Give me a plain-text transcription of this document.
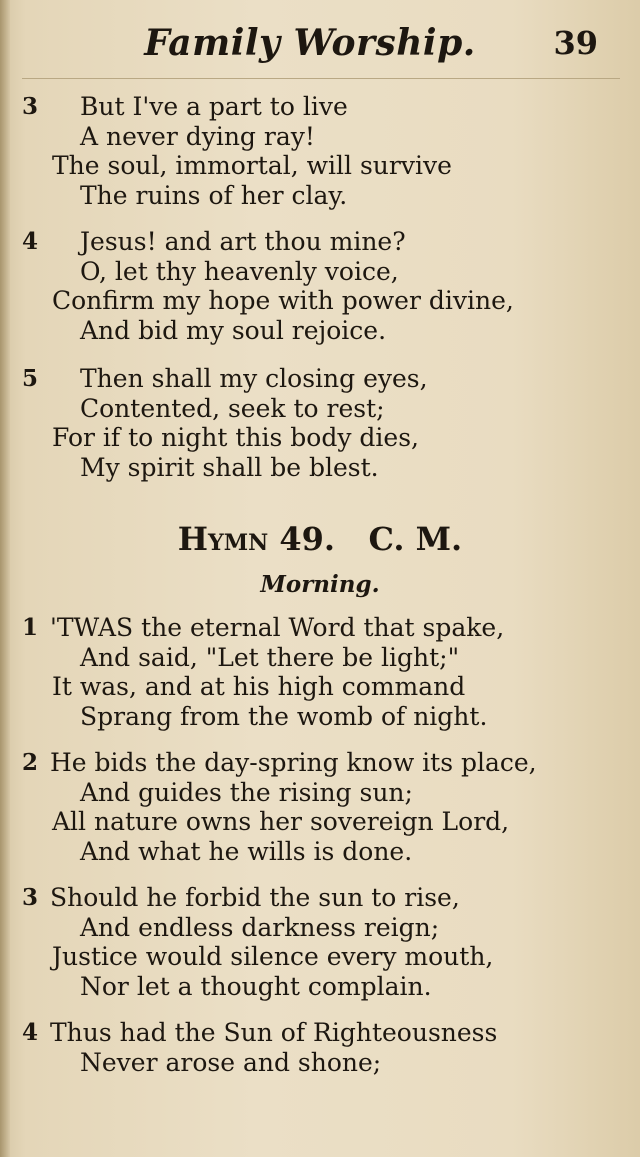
Family Worship.	39
3 But I've a part to live
A never dying ray!
The soul, immortal, will survive
The ruins of her clay.
4 Jesus! and art thou mine?
O, let thy heavenly voice,
Confirm my hope with power divine,
And bid my soul rejoice.
5 Then shall my closing eyes,
Contented, seek to rest;
For if to night this body dies,
My spirit shall be blest.
Hymn 49. C. M.
Morning.
1 'TWAS the eternal Word that spake,
And said, "Let there be light;"
It was, and at his high command
Sprang from the womb of night.
2 He bids the day-spring know its place,
And guides the rising sun;
All nature owns her sovereign Lord,
And what he wills is done.
3 Should he forbid the sun to rise,
And endless darkness reign;
Justice would silence every mouth,
Nor let a thought complain.
4 Thus had the Sun of Righteousness
Never arose and shone;
